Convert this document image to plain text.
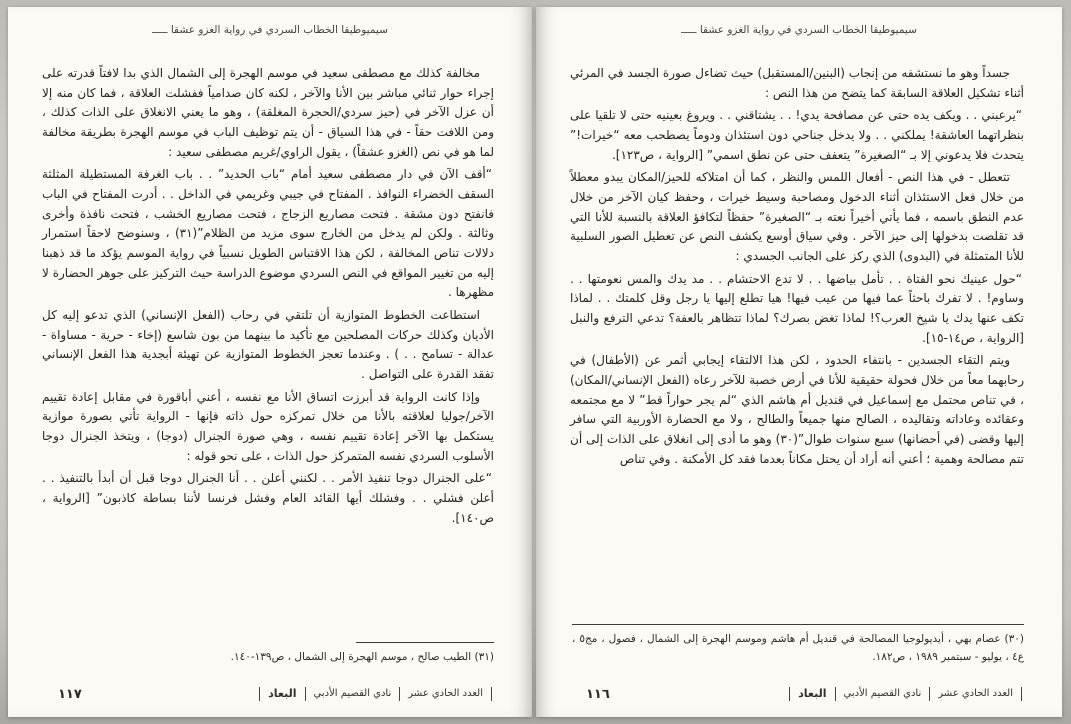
سيميوطيقا الخطاب السردي في رواية الغزو عشقا ـــــ

مخالفة كذلك مع مصطفى سعيد في موسم الهجرة إلى الشمال الذي بدا لافتاً قدرته على إجراء حوار ثنائي مباشر بين الأنا والآخر ، لكنه كان صدامياً ففشلت العلاقة ، فما كان منه إلا أن عزل الآخر في (حيز سردي/الحجرة المغلقة) ، وهو ما يعني الانغلاق على الذات كذلك ، ومن اللافت حقاً - في هذا السياق - أن يتم توظيف الباب في موسم الهجرة بطريقة مخالفة لما هو في نص (الغزو عشقاً) ، يقول الراوي/غريم مصطفى سعيد :

“أقف الآن في دار مصطفى سعيد أمام “باب الحديد” . . باب الغرفة المستطيلة المثلثة السقف الخضراء النوافذ . المفتاح في جيبي وغريمي في الداخل . . أدرت المفتاح في الباب فانفتح دون مشقة . فتحت مصاريع الزجاج ، فتحت مصاريع الخشب ، فتحت نافذة وأخرى وثالثة . ولكن لم يدخل من الخارج سوى مزيد من الظلام”(٣١) ، وسنوضح لاحقاً استمرار دلالات تناص المخالفة ، لكن هذا الاقتباس الطويل نسبياً في رواية الموسم يؤكد ما قد ذهبنا إليه من تغيير المواقع في النص السردي موضوع الدراسة حيث التركيز على جوهر الحضارة لا مظهرها .

استطاعت الخطوط المتوازية أن تلتقي في رحاب (الفعل الإنساني) الذي تدعو إليه كل الأديان وكذلك حركات المصلحين مع تأكيد ما بينهما من بون شاسع (إخاء - حرية - مساواة - عدالة - تسامح . . ) . وعندما تعجز الخطوط المتوازية عن تهيئة أبجدية هذا الفعل الإنساني تفقد القدرة على التواصل .

وإذا كانت الرواية قد أبرزت اتساق الأنا مع نفسه ، أعني أباقورة في مقابل إعادة تقييم الآخر/جوليا لعلاقته بالأنا من خلال تمركزه حول ذاته فإنها - الرواية تأتي بصورة موازية يستكمل بها الآخر إعادة تقييم نفسه ، وهي صورة الجنرال (دوجا) ، ويتخذ الجنرال دوجا الأسلوب السردي نفسه المتمركز حول الذات ، على نحو قوله :

“على الجنرال دوجا تنفيذ الأمر . . لكنني أعلن . . أنا الجنرال دوجا قبل أن أبدأ بالتنفيذ . . أعلن فشلي . . وفشلك أيها القائد العام وفشل فرنسا لأننا بساطة كاذبون” [الرواية ، ص١٤٠].

(٣١) الطيب صالح ، موسم الهجرة إلى الشمال ، ص١٣٩-١٤٠.
١١٧	البعاد	نادي القصيم الأدبي	العدد الحادي عشر
سيميوطيقا الخطاب السردي في رواية الغزو عشقا ـــــ

جسداً وهو ما نستشفه من إنجاب (البنين/المستقبل) حيث تضاءل صورة الجسد في المرئي أثناء تشكيل العلاقة السابقة كما يتضح من هذا النص :

“يرعبني . . ويكف يده حتى عن مصافحة يدي! . . يشتاقني . . ويروغ بعينيه حتى لا تلقيا على بنظراتهما العاشقة! يملكني . . ولا يدخل جناحي دون استئذان ودوماً يصطحب معه “خيرات!” يتحدث فلا يدعوني إلا بـ “الصغيرة” يتعفف حتى عن نطق اسمي” [الرواية ، ص١٢٣].

تتعطل - في هذا النص - أفعال اللمس والنظر ، كما أن امتلاكه للحيز/المكان يبدو معطلاً من خلال فعل الاستئذان أثناء الدخول ومصاحبة وسيط خيرات ، وحفظ كيان الآخر من خلال عدم النطق باسمه ، فما يأتي أخيراً نعته بـ “الصغيرة” حفظاً لتكافؤ العلاقة بالنسبة للأنا التي قد تقلصت بدخولها إلى حيز الآخر . وفي سياق أوسع يكشف النص عن تعطيل الصور السلبية للأنا المتمثلة في (البدوى) الذي ركز على الجانب الجسدي :

“حول عينيك نحو الفتاة . . تأمل بياضها . . لا تدع الاحتشام . . مد يدك والمس نعومتها . . وساوم! . لا تفرك باحثاً عما فيها من عيب فيها! هيا تطلع إليها يا رجل وقل كلمتك . . لماذا تكف عنها يدك يا شيخ العرب؟! لماذا تغض بصرك؟ لماذا تتظاهر بالعفة؟ تدعي الترفع والنبل [الرواية ، ص١٤-١٥].

ويتم التقاء الجسدين - بانتفاء الحدود ، لكن هذا الالتقاء إيجابي أثمر عن (الأطفال) في رحابهما معاً من خلال فحولة حقيقية للأنا في أرض خصبة للآخر رعاه (الفعل الإنساني/المكان) ، في تناص محتمل مع إسماعيل في قنديل أم هاشم الذي “لم يجر حواراً قط” لا مع مجتمعه وعقائده وعاداته وتقاليده ، الصالح منها جميعاً والطالح ، ولا مع الحضارة الأوربية التي سافر إليها وقضى (في أحضانها) سبع سنوات طوال”(٣٠) وهو ما أدى إلى انغلاق على الذات إلى أن تتم مصالحة وهمية ؛ أعني أنه أراد أن يحتل مكاناً بعدما فقد كل الأمكنة . وفي تناص

(٣٠) عصام بهي ، أيديولوجيا المصالحة في قنديل أم هاشم وموسم الهجرة إلى الشمال ، فصول ، مج٥ ، ع٤ ، يوليو - سبتمبر ١٩٨٩ ، ص١٨٢.
١١٦	البعاد	نادي القصيم الأدبي	العدد الحادي عشر
